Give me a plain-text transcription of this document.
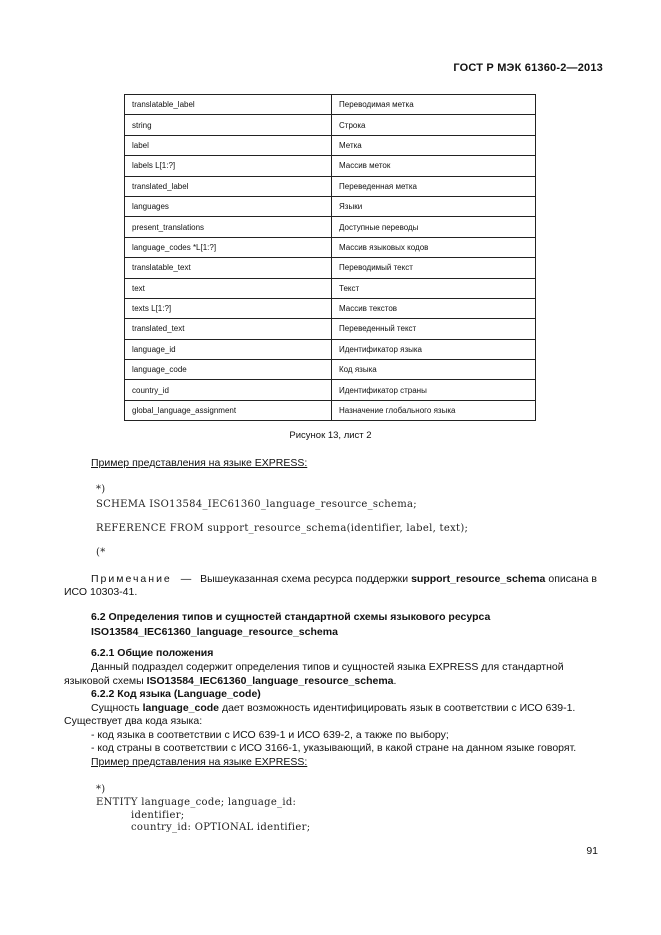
ГОСТ Р МЭК 61360-2—2013
translatable_label	Переводимая метка
string	Строка
label	Метка
labels L[1:?]	Массив меток
translated_label	Переведенная метка
languages	Языки
present_translations	Доступные переводы
language_codes *L[1:?]	Массив языковых кодов
translatable_text	Переводимый текст
text	Текст
texts L[1:?]	Массив текстов
translated_text	Переведенный текст
language_id	Идентификатор языка
language_code	Код языка
country_id	Идентификатор страны
global_language_assignment	Назначение глобального языка
Рисунок 13, лист 2
Пример представления на языке EXPRESS:
*)
SCHEMA ISO13584_IEC61360_language_resource_schema;
REFERENCE FROM support_resource_schema(identifier, label, text);
(*
Примечание — Вышеуказанная схема ресурса поддержки support_resource_schema описана в
ИСО 10303-41.
6.2 Определения типов и сущностей стандартной схемы языкового ресурса
ISO13584_IEC61360_language_resource_schema
6.2.1 Общие положения
Данный подраздел содержит определения типов и сущностей языка EXPRESS для стандартной
языковой схемы ISO13584_IEC61360_language_resource_schema.
6.2.2 Код языка (Language_code)
Сущность language_code дает возможность идентифицировать язык в соответствии с ИСО 639-1.
Существует два кода языка:
- код языка в соответствии с ИСО 639-1 и ИСО 639-2, а также по выбору;
- код страны в соответствии с ИСО 3166-1, указывающий, в какой стране на данном языке говорят.
Пример представления на языке EXPRESS:
*)
ENTITY language_code; language_id:
identifier;
country_id: OPTIONAL identifier;
91
